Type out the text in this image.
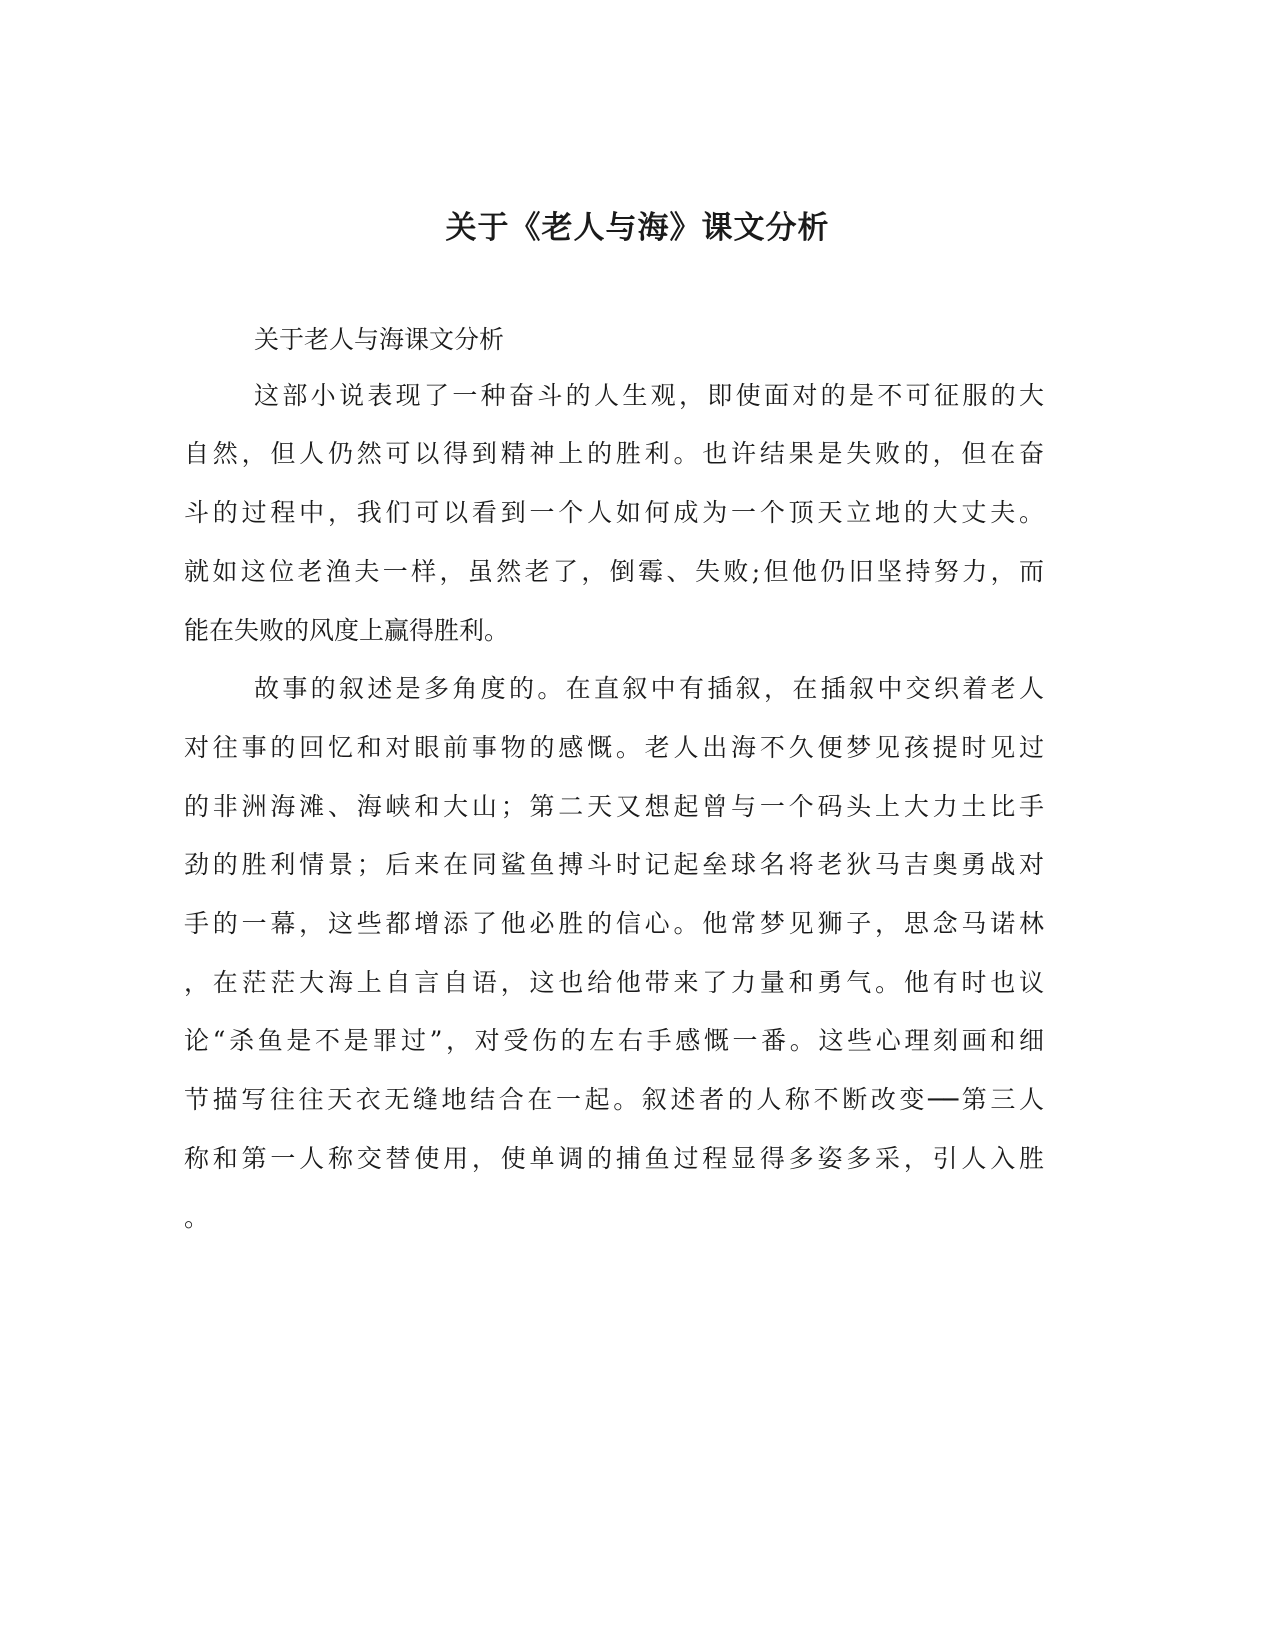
关于《老人与海》课文分析

关于老人与海课文分析

这部小说表现了一种奋斗的人生观，即使面对的是不可征服的大

自然，但人仍然可以得到精神上的胜利。也许结果是失败的，但在奋

斗的过程中，我们可以看到一个人如何成为一个顶天立地的大丈夫。

就如这位老渔夫一样，虽然老了，倒霉、失败;但他仍旧坚持努力，而

能在失败的风度上赢得胜利。

故事的叙述是多角度的。在直叙中有插叙，在插叙中交织着老人

对往事的回忆和对眼前事物的感慨。老人出海不久便梦见孩提时见过

的非洲海滩、海峡和大山；第二天又想起曾与一个码头上大力土比手

劲的胜利情景；后来在同鲨鱼搏斗时记起垒球名将老狄马吉奥勇战对

手的一幕，这些都增添了他必胜的信心。他常梦见狮子，思念马诺林

，在茫茫大海上自言自语，这也给他带来了力量和勇气。他有时也议

论“杀鱼是不是罪过”，对受伤的左右手感慨一番。这些心理刻画和细

节描写往往天衣无缝地结合在一起。叙述者的人称不断改变──第三人

称和第一人称交替使用，使单调的捕鱼过程显得多姿多采，引人入胜

。
